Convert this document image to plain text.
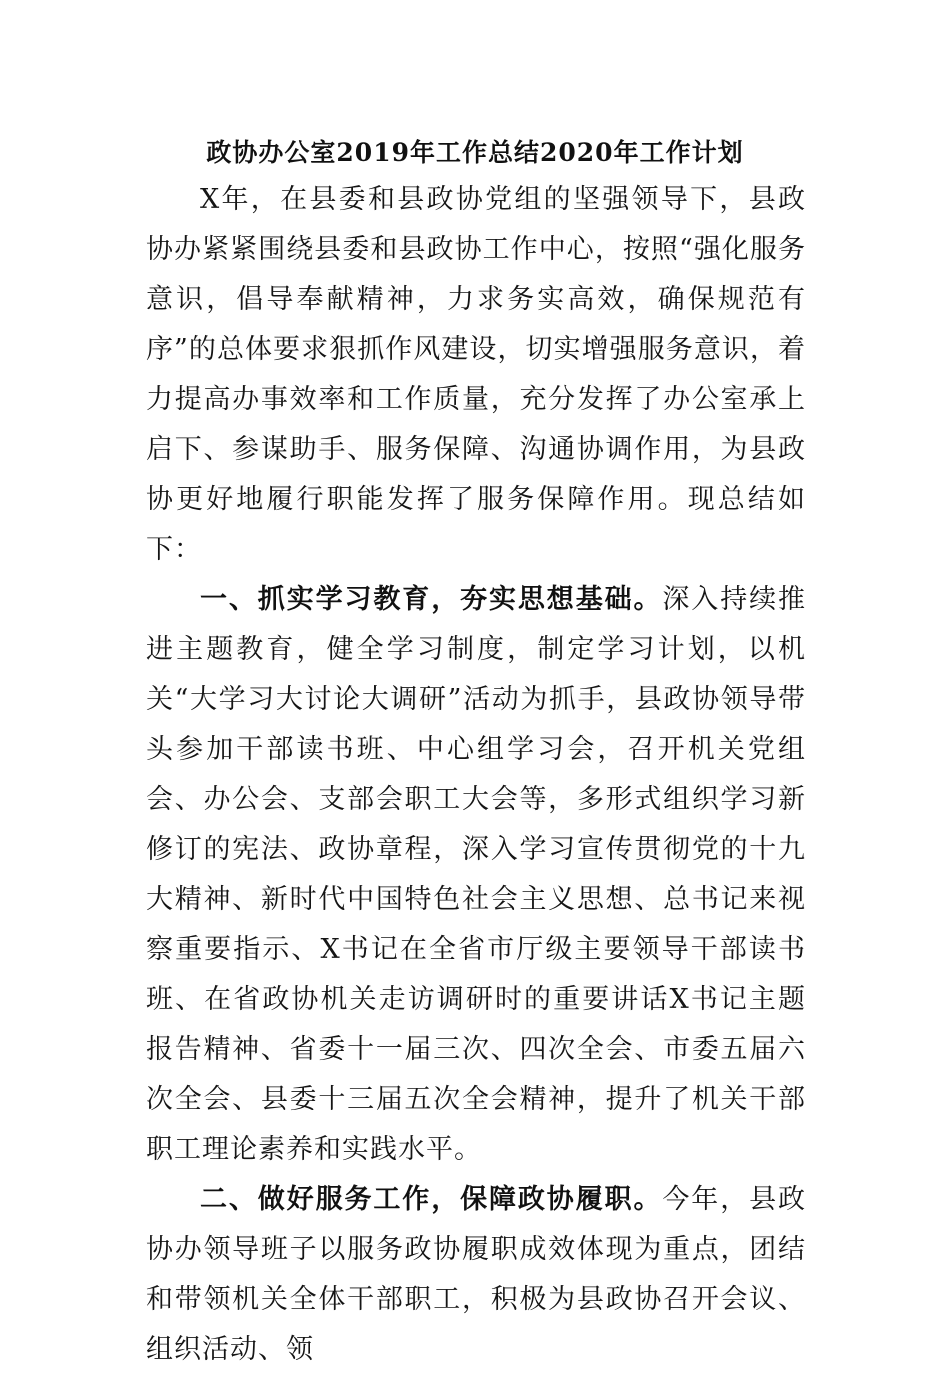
政协办公室2019年工作总结2020年工作计划

X年，在县委和县政协党组的坚强领导下，县政协办紧紧围绕县委和县政协工作中心，按照“强化服务意识，倡导奉献精神，力求务实高效，确保规范有序”的总体要求狠抓作风建设，切实增强服务意识，着力提高办事效率和工作质量，充分发挥了办公室承上启下、参谋助手、服务保障、沟通协调作用，为县政协更好地履行职能发挥了服务保障作用。现总结如下：

一、抓实学习教育，夯实思想基础。深入持续推进主题教育，健全学习制度，制定学习计划，以机关“大学习大讨论大调研”活动为抓手，县政协领导带头参加干部读书班、中心组学习会，召开机关党组会、办公会、支部会职工大会等，多形式组织学习新修订的宪法、政协章程，深入学习宣传贯彻党的十九大精神、新时代中国特色社会主义思想、总书记来视察重要指示、X书记在全省市厅级主要领导干部读书班、在省政协机关走访调研时的重要讲话X书记主题报告精神、省委十一届三次、四次全会、市委五届六次全会、县委十三届五次全会精神，提升了机关干部职工理论素养和实践水平。

二、做好服务工作，保障政协履职。今年，县政协办领导班子以服务政协履职成效体现为重点，团结和带领机关全体干部职工，积极为县政协召开会议、组织活动、领
